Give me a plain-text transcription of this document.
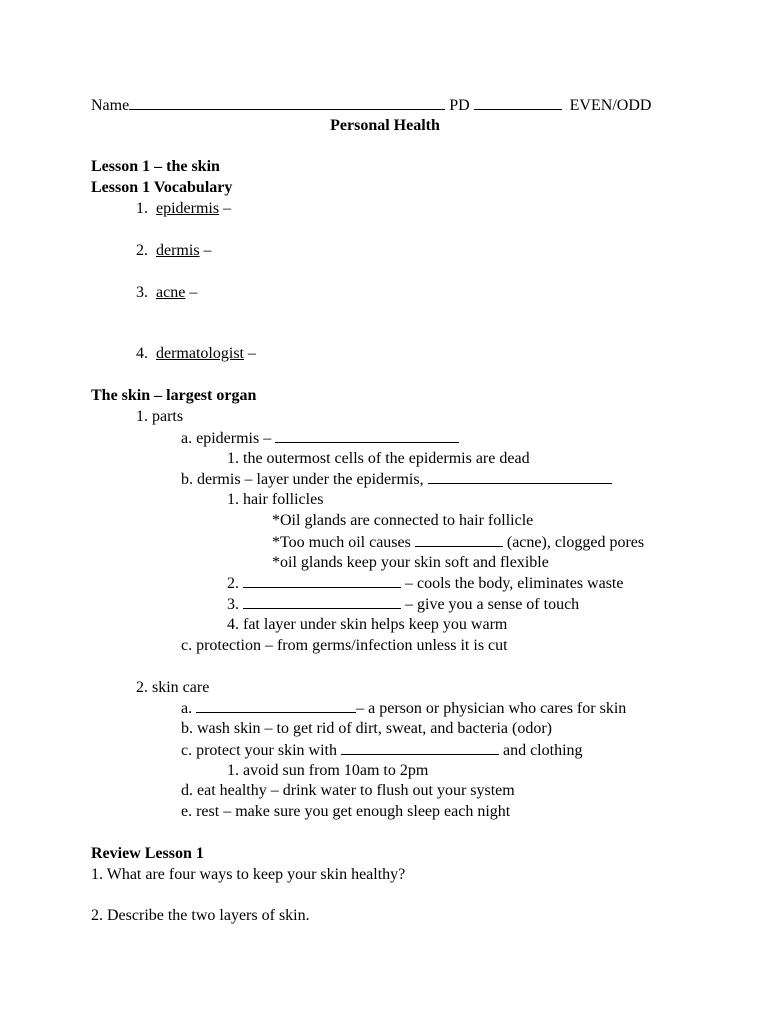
Name	PD	EVEN/ODD
Personal Health
Lesson 1 – the skin
Lesson 1 Vocabulary
1. epidermis –
2. dermis –
3. acne –
4. dermatologist –
The skin – largest organ
1. parts
a. epidermis –
1. the outermost cells of the epidermis are dead
b. dermis – layer under the epidermis,
1. hair follicles
*Oil glands are connected to hair follicle
*Too much oil causes	(acne), clogged pores
*oil glands keep your skin soft and flexible
2.	– cools the body, eliminates waste
3.	– give you a sense of touch
4. fat layer under skin helps keep you warm
c. protection – from germs/infection unless it is cut
2. skin care
a.	– a person or physician who cares for skin
b. wash skin – to get rid of dirt, sweat, and bacteria (odor)
c. protect your skin with	and clothing
1. avoid sun from 10am to 2pm
d. eat healthy – drink water to flush out your system
e. rest – make sure you get enough sleep each night
Review Lesson 1
1. What are four ways to keep your skin healthy?
2. Describe the two layers of skin.
